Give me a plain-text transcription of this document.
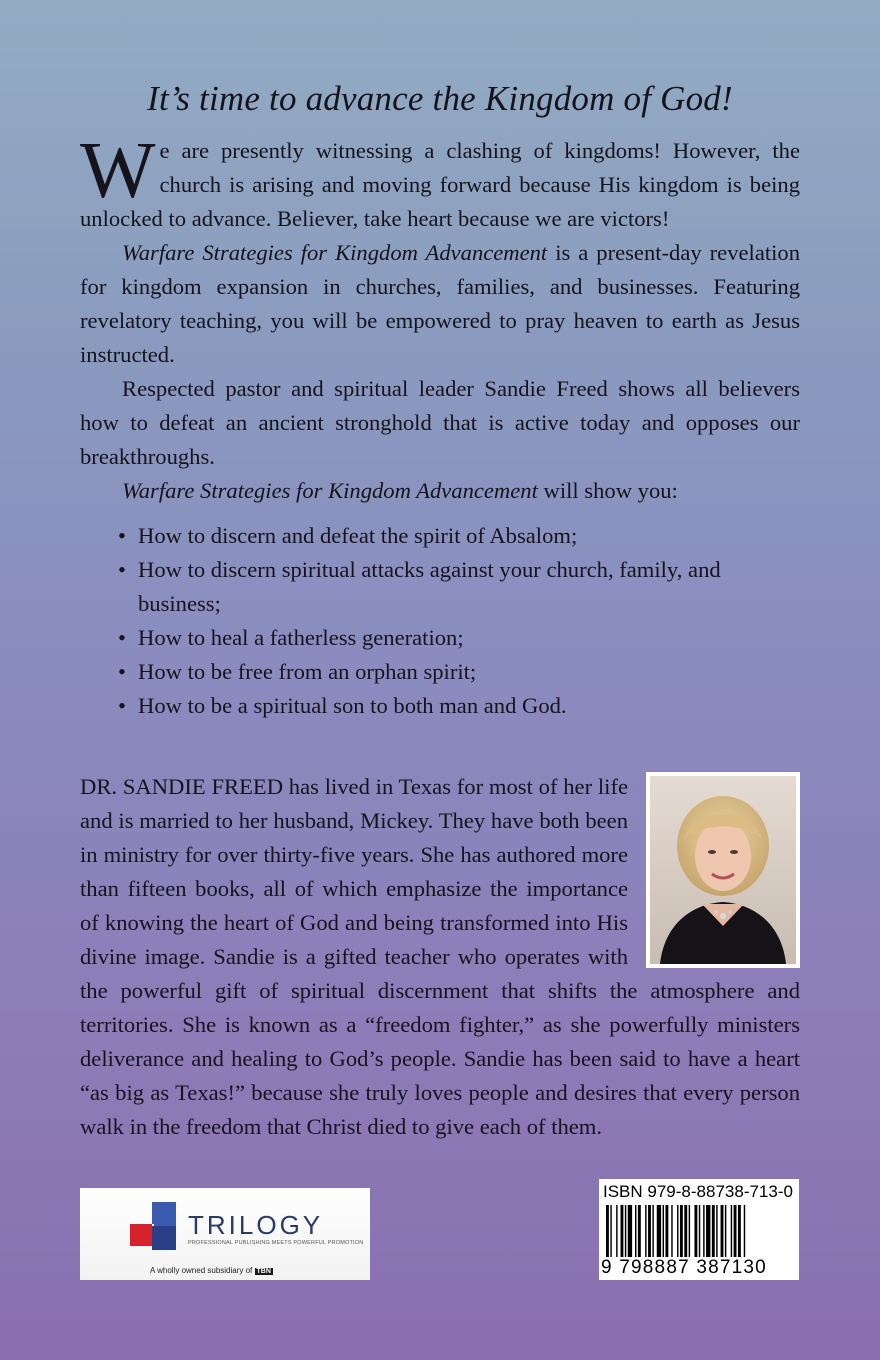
It’s time to advance the Kingdom of God!

We are presently witnessing a clashing of kingdoms! However, the church is arising and moving forward because His kingdom is being unlocked to advance. Believer, take heart because we are victors!

Warfare Strategies for Kingdom Advancement is a present-day revelation for kingdom expansion in churches, families, and businesses. Featuring revelatory teaching, you will be empowered to pray heaven to earth as Jesus instructed.

Respected pastor and spiritual leader Sandie Freed shows all believers how to defeat an ancient stronghold that is active today and opposes our breakthroughs.

Warfare Strategies for Kingdom Advancement will show you:

• How to discern and defeat the spirit of Absalom;
• How to discern spiritual attacks against your church, family, and business;
• How to heal a fatherless generation;
• How to be free from an orphan spirit;
• How to be a spiritual son to both man and God.
DR. SANDIE FREED has lived in Texas for most of her life and is married to her husband, Mickey. They have both been in ministry for over thirty-five years. She has authored more than fifteen books, all of which emphasize the importance of knowing the heart of God and being transformed into His divine image. Sandie is a gifted teacher who operates with the powerful gift of spiritual discernment that shifts the atmosphere and territories. She is known as a “freedom fighter,” as she powerfully ministers deliverance and healing to God’s people. Sandie has been said to have a heart “as big as Texas!” because she truly loves people and desires that every person walk in the freedom that Christ died to give each of them.
TRILOGY
PROFESSIONAL PUBLISHING MEETS POWERFUL PROMOTION
A wholly owned subsidiary of TBN
ISBN 979-8-88738-713-0
9 798887 387130
